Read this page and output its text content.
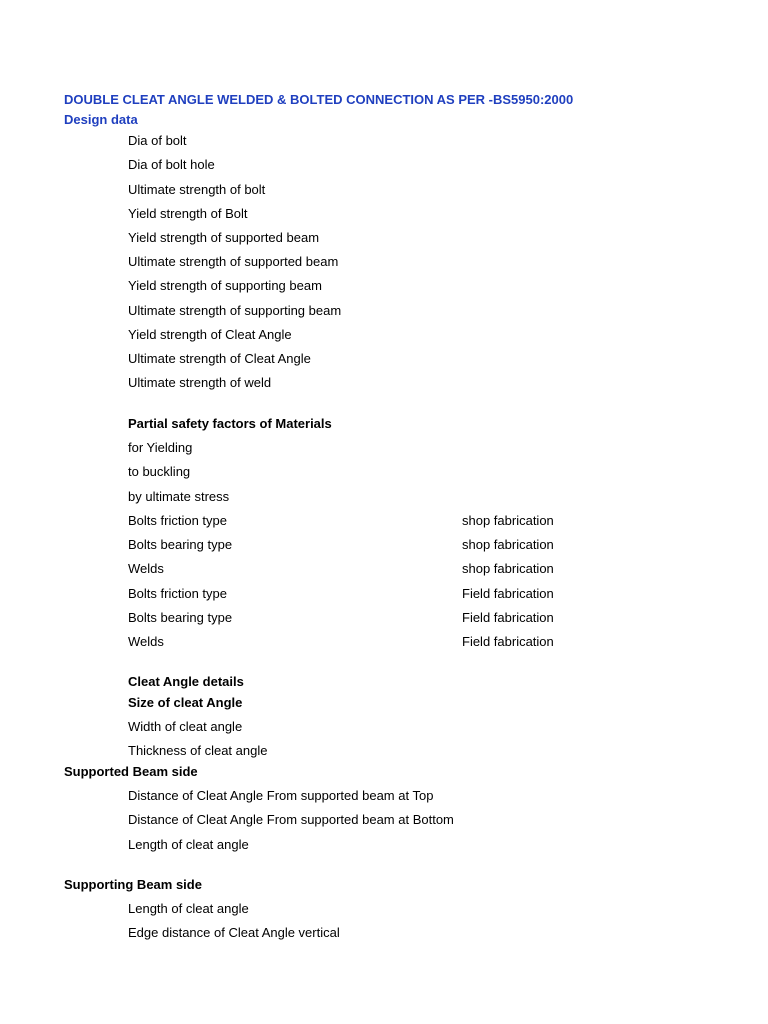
DOUBLE CLEAT ANGLE WELDED & BOLTED CONNECTION AS PER -BS5950:2000
Design data
Dia of bolt
Dia of bolt hole
Ultimate strength of bolt
Yield strength of Bolt
Yield strength of supported beam
Ultimate strength of supported beam
Yield strength of supporting beam
Ultimate strength of supporting beam
Yield strength of Cleat Angle
Ultimate strength of Cleat Angle
Ultimate strength of weld
Partial safety factors of Materials
for Yielding
to buckling
by ultimate stress
Bolts friction type	shop fabrication
Bolts bearing type	shop fabrication
Welds	shop fabrication
Bolts friction type	Field fabrication
Bolts bearing type	Field fabrication
Welds	Field fabrication
Cleat Angle details
Size of cleat Angle
Width of cleat angle
Thickness of cleat angle
Supported Beam side
Distance of Cleat Angle From supported beam at Top
Distance of Cleat Angle From supported beam at Bottom
Length of cleat angle
Supporting Beam side
Length of cleat angle
Edge distance of Cleat Angle vertical
